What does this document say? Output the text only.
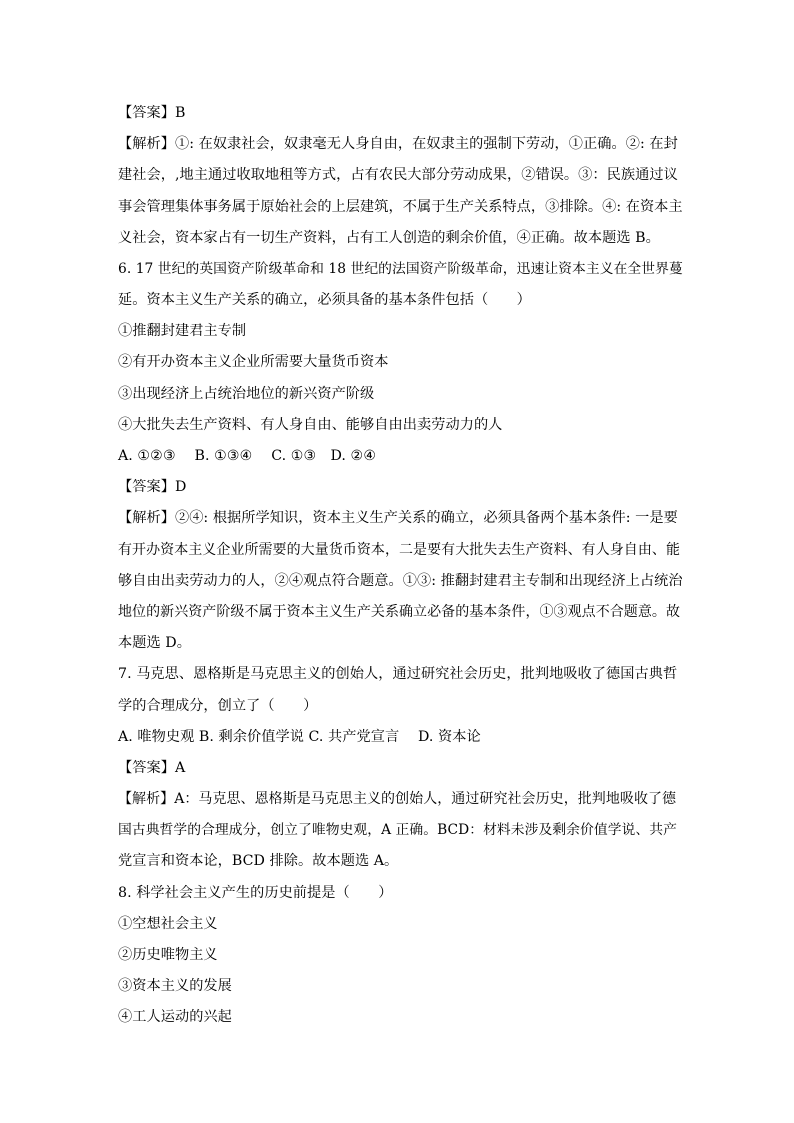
【答案】B
【解析】①: 在奴隶社会，奴隶毫无人身自由，在奴隶主的强制下劳动，①正确。②: 在封
建社会，,地主通过收取地租等方式，占有农民大部分劳动成果，②错误。③：民族通过议
事会管理集体事务属于原始社会的上层建筑，不属于生产关系特点，③排除。④: 在资本主
义社会，资本家占有一切生产资料，占有工人创造的剩余价值，④正确。故本题选 B。
6. 17 世纪的英国资产阶级革命和 18 世纪的法国资产阶级革命，迅速让资本主义在全世界蔓
延。资本主义生产关系的确立，必须具备的基本条件包括（　　）
①推翻封建君主专制
②有开办资本主义企业所需要大量货币资本
③出现经济上占统治地位的新兴资产阶级
④大批失去生产资料、有人身自由、能够自由出卖劳动力的人
A. ①②③　 B. ①③④　 C. ①③　D. ②④
【答案】D
【解析】②④: 根据所学知识，资本主义生产关系的确立，必须具备两个基本条件: 一是要
有开办资本主义企业所需要的大量货币资本，二是要有大批失去生产资料、有人身自由、能
够自由出卖劳动力的人，②④观点符合题意。①③: 推翻封建君主专制和出现经济上占统治
地位的新兴资产阶级不属于资本主义生产关系确立必备的基本条件，①③观点不合题意。故
本题选 D。
7. 马克思、恩格斯是马克思主义的创始人，通过研究社会历史，批判地吸收了德国古典哲
学的合理成分，创立了（　　）
A. 唯物史观 B. 剩余价值学说 C. 共产党宣言　 D. 资本论
【答案】A
【解析】A：马克思、恩格斯是马克思主义的创始人，通过研究社会历史，批判地吸收了德
国古典哲学的合理成分，创立了唯物史观，A 正确。BCD：材料未涉及剩余价值学说、共产
党宣言和资本论，BCD 排除。故本题选 A。
8. 科学社会主义产生的历史前提是（　　）
①空想社会主义
②历史唯物主义
③资本主义的发展
④工人运动的兴起
